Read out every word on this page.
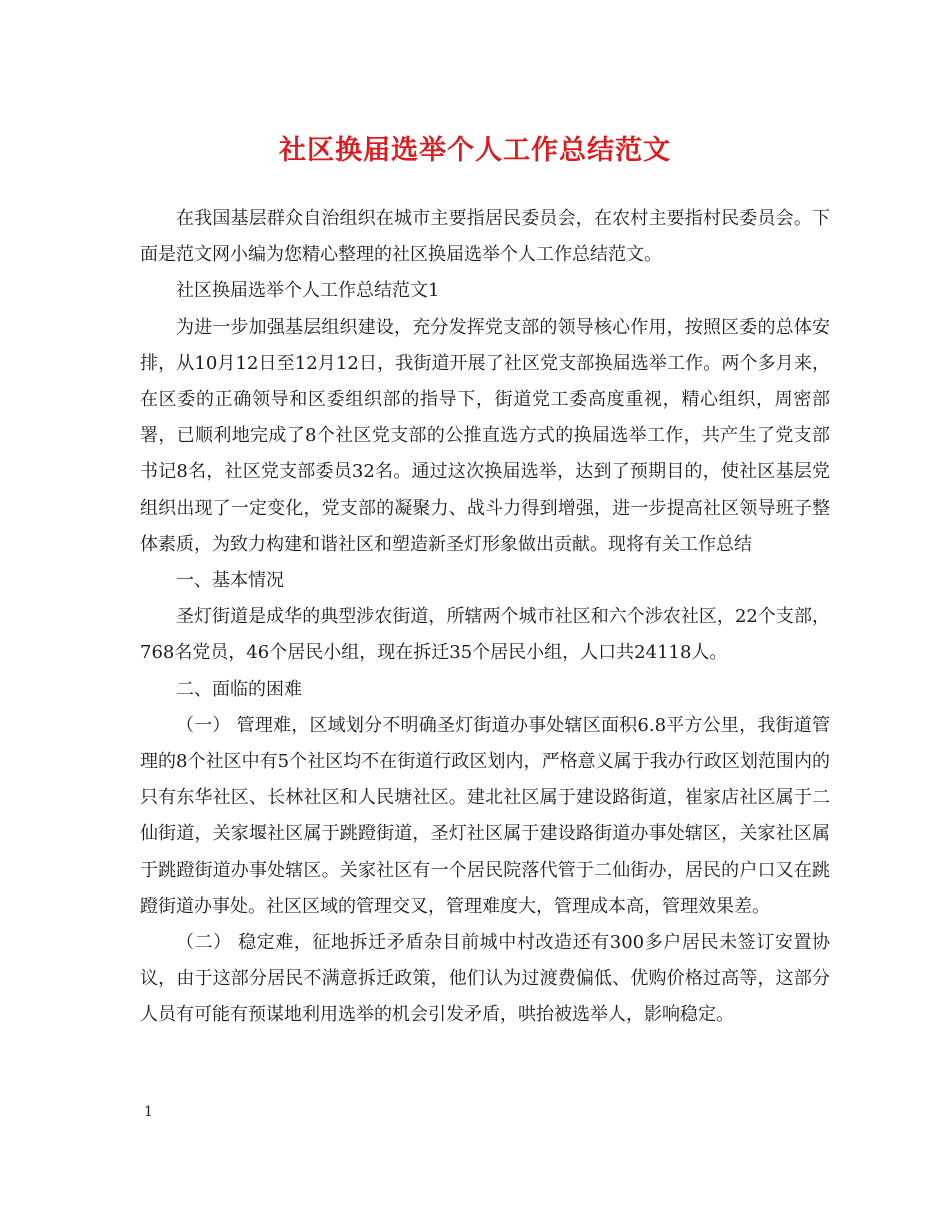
社区换届选举个人工作总结范文

在我国基层群众自治组织在城市主要指居民委员会，在农村主要指村民委员会。下面是范文网小编为您精心整理的社区换届选举个人工作总结范文。

社区换届选举个人工作总结范文1

为进一步加强基层组织建设，充分发挥党支部的领导核心作用，按照区委的总体安排，从10月12日至12月12日，我街道开展了社区党支部换届选举工作。两个多月来，在区委的正确领导和区委组织部的指导下，街道党工委高度重视，精心组织，周密部署，已顺利地完成了8个社区党支部的公推直选方式的换届选举工作，共产生了党支部书记8名，社区党支部委员32名。通过这次换届选举，达到了预期目的，使社区基层党组织出现了一定变化，党支部的凝聚力、战斗力得到增强，进一步提高社区领导班子整体素质，为致力构建和谐社区和塑造新圣灯形象做出贡献。现将有关工作总结

一、基本情况

圣灯街道是成华的典型涉农街道，所辖两个城市社区和六个涉农社区，22个支部，768名党员，46个居民小组，现在拆迁35个居民小组，人口共24118人。

二、面临的困难

（一） 管理难，区域划分不明确圣灯街道办事处辖区面积6.8平方公里，我街道管理的8个社区中有5个社区均不在街道行政区划内，严格意义属于我办行政区划范围内的只有东华社区、长林社区和人民塘社区。建北社区属于建设路街道，崔家店社区属于二仙街道，关家堰社区属于跳蹬街道，圣灯社区属于建设路街道办事处辖区，关家社区属于跳蹬街道办事处辖区。关家社区有一个居民院落代管于二仙街办，居民的户口又在跳蹬街道办事处。社区区域的管理交叉，管理难度大，管理成本高，管理效果差。

（二） 稳定难，征地拆迁矛盾杂目前城中村改造还有300多户居民未签订安置协议，由于这部分居民不满意拆迁政策，他们认为过渡费偏低、优购价格过高等，这部分人员有可能有预谋地利用选举的机会引发矛盾，哄抬被选举人，影响稳定。

1
